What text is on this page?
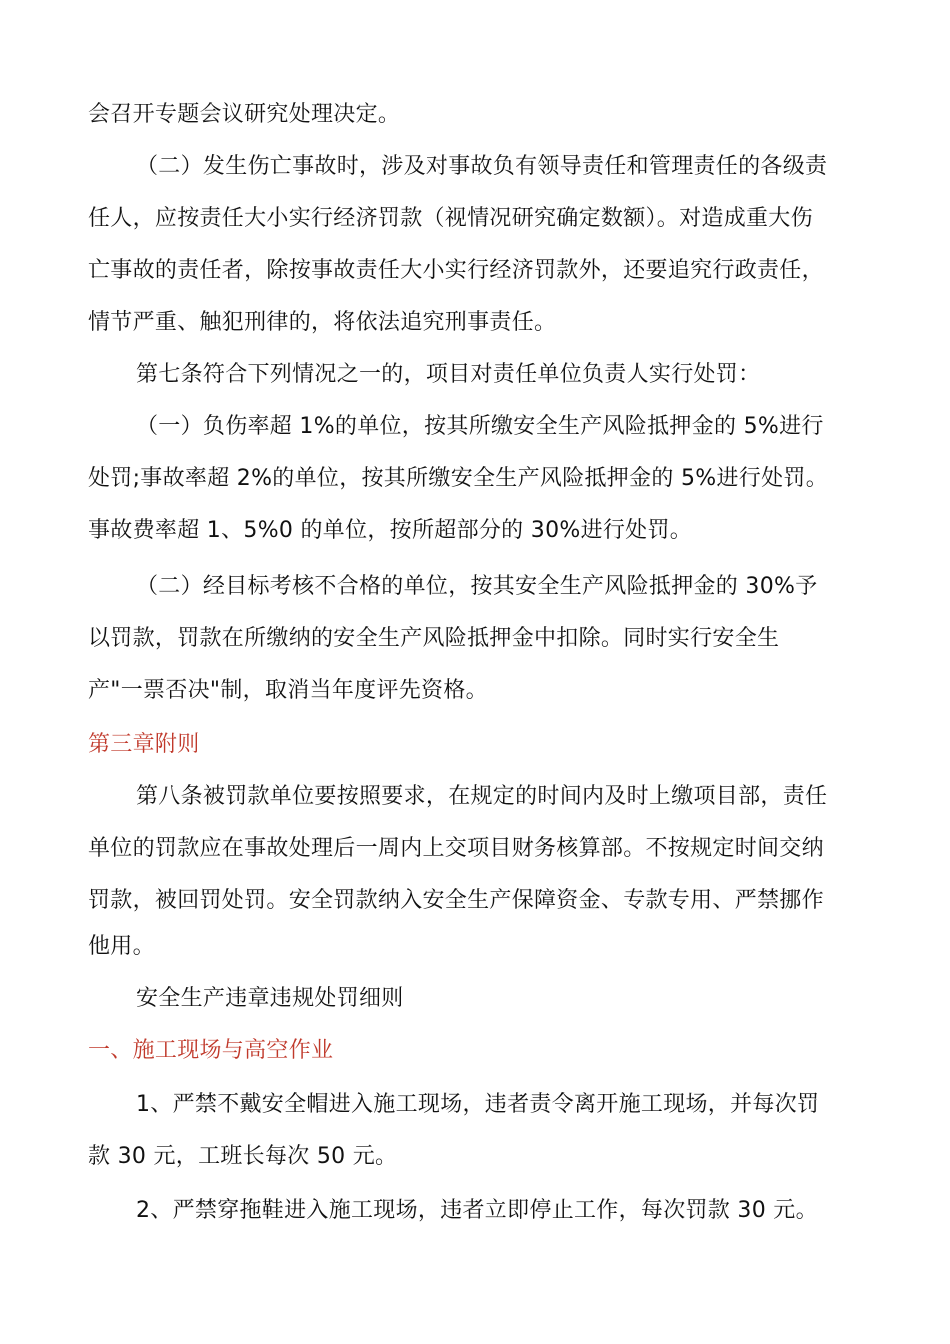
会召开专题会议研究处理决定。
（二）发生伤亡事故时，涉及对事故负有领导责任和管理责任的各级责
任人，应按责任大小实行经济罚款（视情况研究确定数额）。对造成重大伤
亡事故的责任者，除按事故责任大小实行经济罚款外，还要追究行政责任，
情节严重、触犯刑律的，将依法追究刑事责任。
第七条符合下列情况之一的，项目对责任单位负责人实行处罚：
（一）负伤率超 1%的单位，按其所缴安全生产风险抵押金的 5%进行
处罚;事故率超 2%的单位，按其所缴安全生产风险抵押金的 5%进行处罚。
事故费率超 1、5%0 的单位，按所超部分的 30%进行处罚。
（二）经目标考核不合格的单位，按其安全生产风险抵押金的 30%予
以罚款，罚款在所缴纳的安全生产风险抵押金中扣除。同时实行安全生
产"一票否决"制，取消当年度评先资格。
第三章附则
第八条被罚款单位要按照要求，在规定的时间内及时上缴项目部，责任
单位的罚款应在事故处理后一周内上交项目财务核算部。不按规定时间交纳
罚款，被回罚处罚。安全罚款纳入安全生产保障资金、专款专用、严禁挪作
他用。
安全生产违章违规处罚细则
一、施工现场与高空作业
1、严禁不戴安全帽进入施工现场，违者责令离开施工现场，并每次罚
款 30 元，工班长每次 50 元。
2、严禁穿拖鞋进入施工现场，违者立即停止工作，每次罚款 30 元。
